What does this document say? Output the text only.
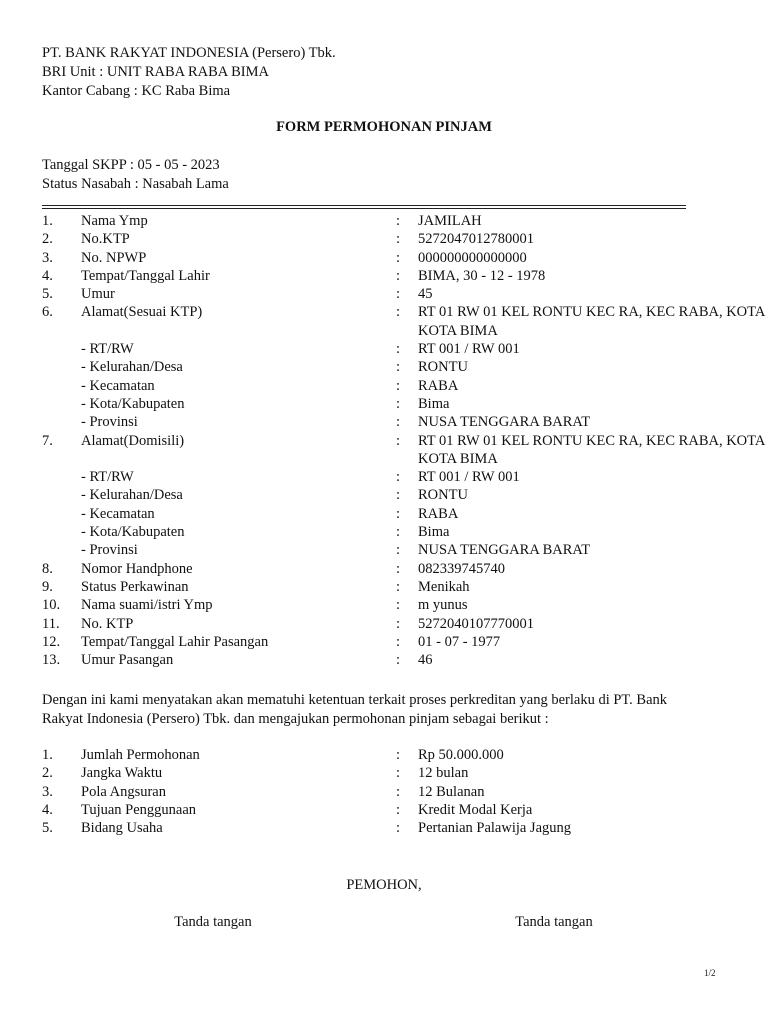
PT. BANK RAKYAT INDONESIA (Persero) Tbk.
BRI Unit : UNIT RABA RABA BIMA
Kantor Cabang : KC Raba Bima
FORM PERMOHONAN PINJAM
Tanggal SKPP : 05 - 05 - 2023
Status Nasabah : Nasabah Lama
1. Nama Ymp	: JAMILAH
2. No.KTP	: 5272047012780001
3. No. NPWP	: 000000000000000
4. Tempat/Tanggal Lahir	: BIMA, 30 - 12 - 1978
5. Umur	: 45
6. Alamat(Sesuai KTP)	: RT 01 RW 01 KEL RONTU KEC RA, KEC RABA, KOTA
KOTA BIMA
- RT/RW	: RT 001 / RW 001
- Kelurahan/Desa	: RONTU
- Kecamatan	: RABA
- Kota/Kabupaten	: Bima
- Provinsi	: NUSA TENGGARA BARAT
7. Alamat(Domisili)	: RT 01 RW 01 KEL RONTU KEC RA, KEC RABA, KOTA
KOTA BIMA
- RT/RW	: RT 001 / RW 001
- Kelurahan/Desa	: RONTU
- Kecamatan	: RABA
- Kota/Kabupaten	: Bima
- Provinsi	: NUSA TENGGARA BARAT
8. Nomor Handphone	: 082339745740
9. Status Perkawinan	: Menikah
10. Nama suami/istri Ymp	: m yunus
11. No. KTP	: 5272040107770001
12. Tempat/Tanggal Lahir Pasangan	: 01 - 07 - 1977
13. Umur Pasangan	: 46
Dengan ini kami menyatakan akan mematuhi ketentuan terkait proses perkreditan yang berlaku di PT. Bank
Rakyat Indonesia (Persero) Tbk. dan mengajukan permohonan pinjam sebagai berikut :
1. Jumlah Permohonan	: Rp 50.000.000
2. Jangka Waktu	: 12 bulan
3. Pola Angsuran	: 12 Bulanan
4. Tujuan Penggunaan	: Kredit Modal Kerja
5. Bidang Usaha	: Pertanian Palawija Jagung
PEMOHON,
Tanda tangan	Tanda tangan
1/2
